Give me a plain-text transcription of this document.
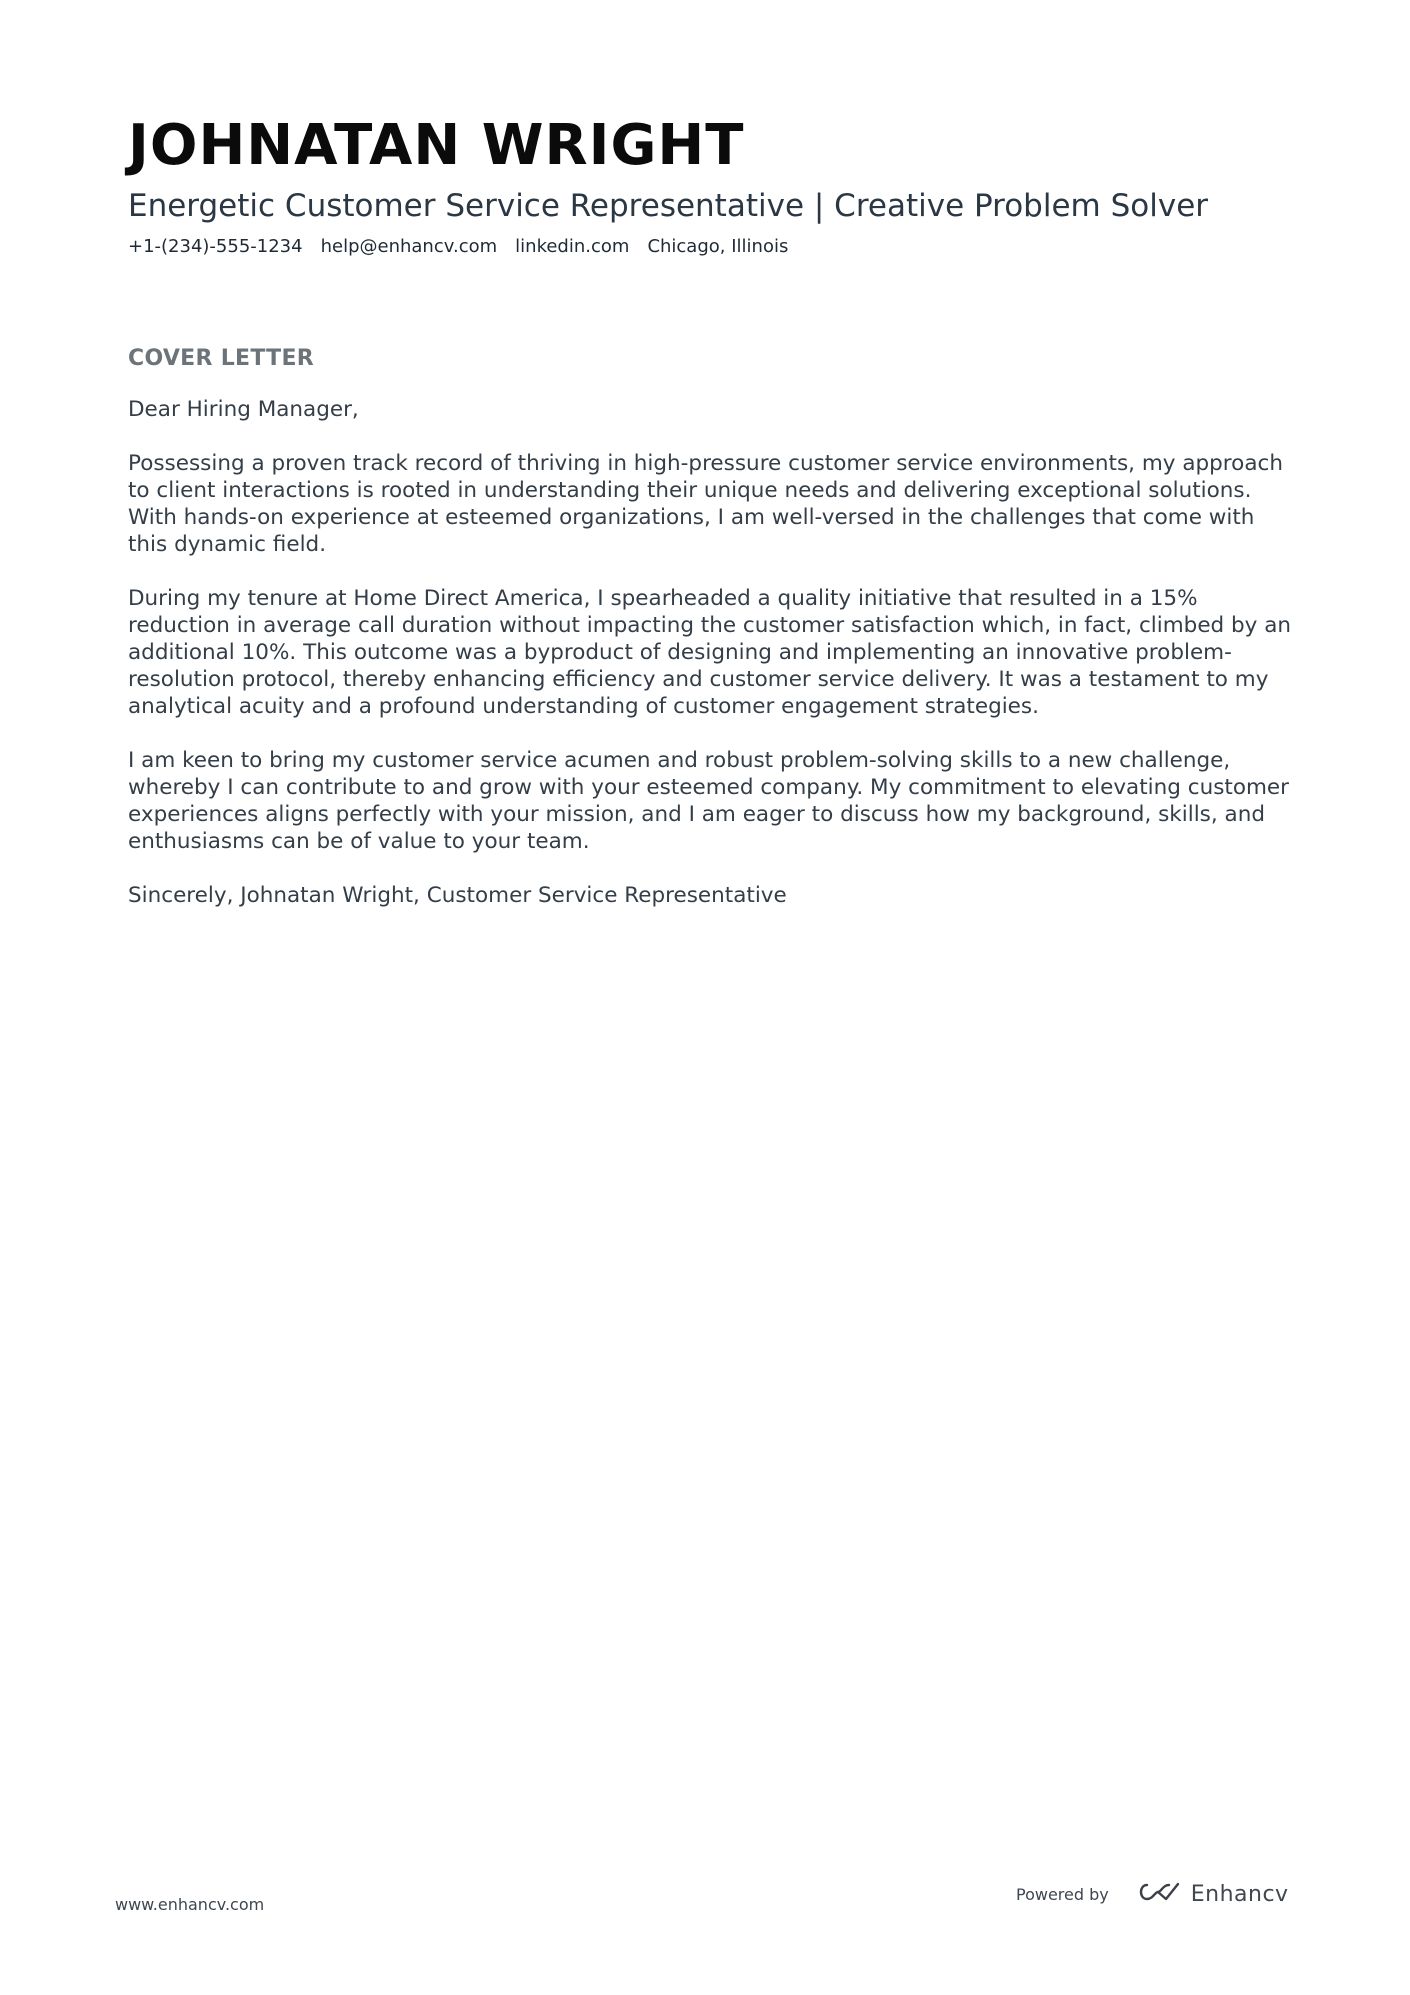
JOHNATAN WRIGHT
Energetic Customer Service Representative | Creative Problem Solver
+1-(234)-555-1234 help@enhancv.com linkedin.com Chicago, Illinois
COVER LETTER

Dear Hiring Manager,

Possessing a proven track record of thriving in high-pressure customer service environments, my approach to client interactions is rooted in understanding their unique needs and delivering exceptional solutions. With hands-on experience at esteemed organizations, I am well-versed in the challenges that come with this dynamic field.

During my tenure at Home Direct America, I spearheaded a quality initiative that resulted in a 15% reduction in average call duration without impacting the customer satisfaction which, in fact, climbed by an additional 10%. This outcome was a byproduct of designing and implementing an innovative problem-resolution protocol, thereby enhancing efficiency and customer service delivery. It was a testament to my analytical acuity and a profound understanding of customer engagement strategies.

I am keen to bring my customer service acumen and robust problem-solving skills to a new challenge, whereby I can contribute to and grow with your esteemed company. My commitment to elevating customer experiences aligns perfectly with your mission, and I am eager to discuss how my background, skills, and enthusiasms can be of value to your team.

Sincerely, Johnatan Wright, Customer Service Representative

www.enhancv.com
Powered by	Enhancv
